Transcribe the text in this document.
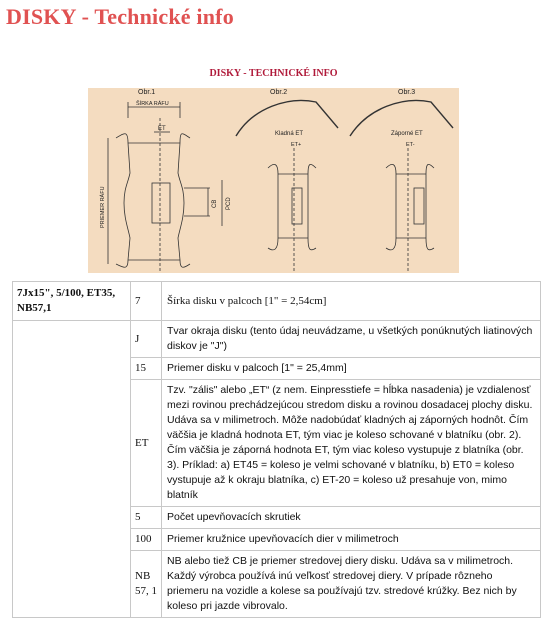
DISKY - Technické info
DISKY - TECHNICKÉ INFO
Obr.1
ŠÍRKA RÁFU
ET
PRIEMER RÁFU	CB PCD
Obr.2
Kladná ET
ET+
Obr.3
Záporné ET
ET-
7Jx15", 5/100, ET35, NB57,1	7	Šírka disku v palcoch [1" = 2,54cm]
	J	Tvar okraja disku (tento údaj neuvádzame, u všetkých ponúknutých liatinových diskov je "J")
	15	Priemer disku v palcoch [1" = 25,4mm]
	ET	Tzv. "zális" alebo „ET“ (z nem. Einpresstiefe = hĺbka nasadenia) je vzdialenosť mezi rovinou prechádzejúcou stredom disku a rovinou dosadacej plochy disku. Udáva sa v milimetroch. Môže nadobúdať kladných aj záporných hodnôt. Čím väčšia je kladná hodnota ET, tým viac je koleso schované v blatníku (obr. 2). Čím väčšia je záporná hodnota ET, tým viac koleso vystupuje z blatníka (obr. 3). Príklad: a) ET45 = koleso je velmi schované v blatníku, b) ET0 = koleso vystupuje až k okraju blatníka, c) ET-20 = koleso už presahuje von, mimo blatník
	5	Počet upevňovacích skrutiek
	100	Priemer kružnice upevňovacích dier v milimetroch
	NB 57, 1	NB alebo tiež CB je priemer stredovej diery disku. Udáva sa v milimetroch. Každý výrobca používá inú veľkosť stredovej diery. V prípade rôzneho priemeru na vozidle a kolese sa používajú tzv. stredové krúžky. Bez nich by koleso pri jazde vibrovalo.
